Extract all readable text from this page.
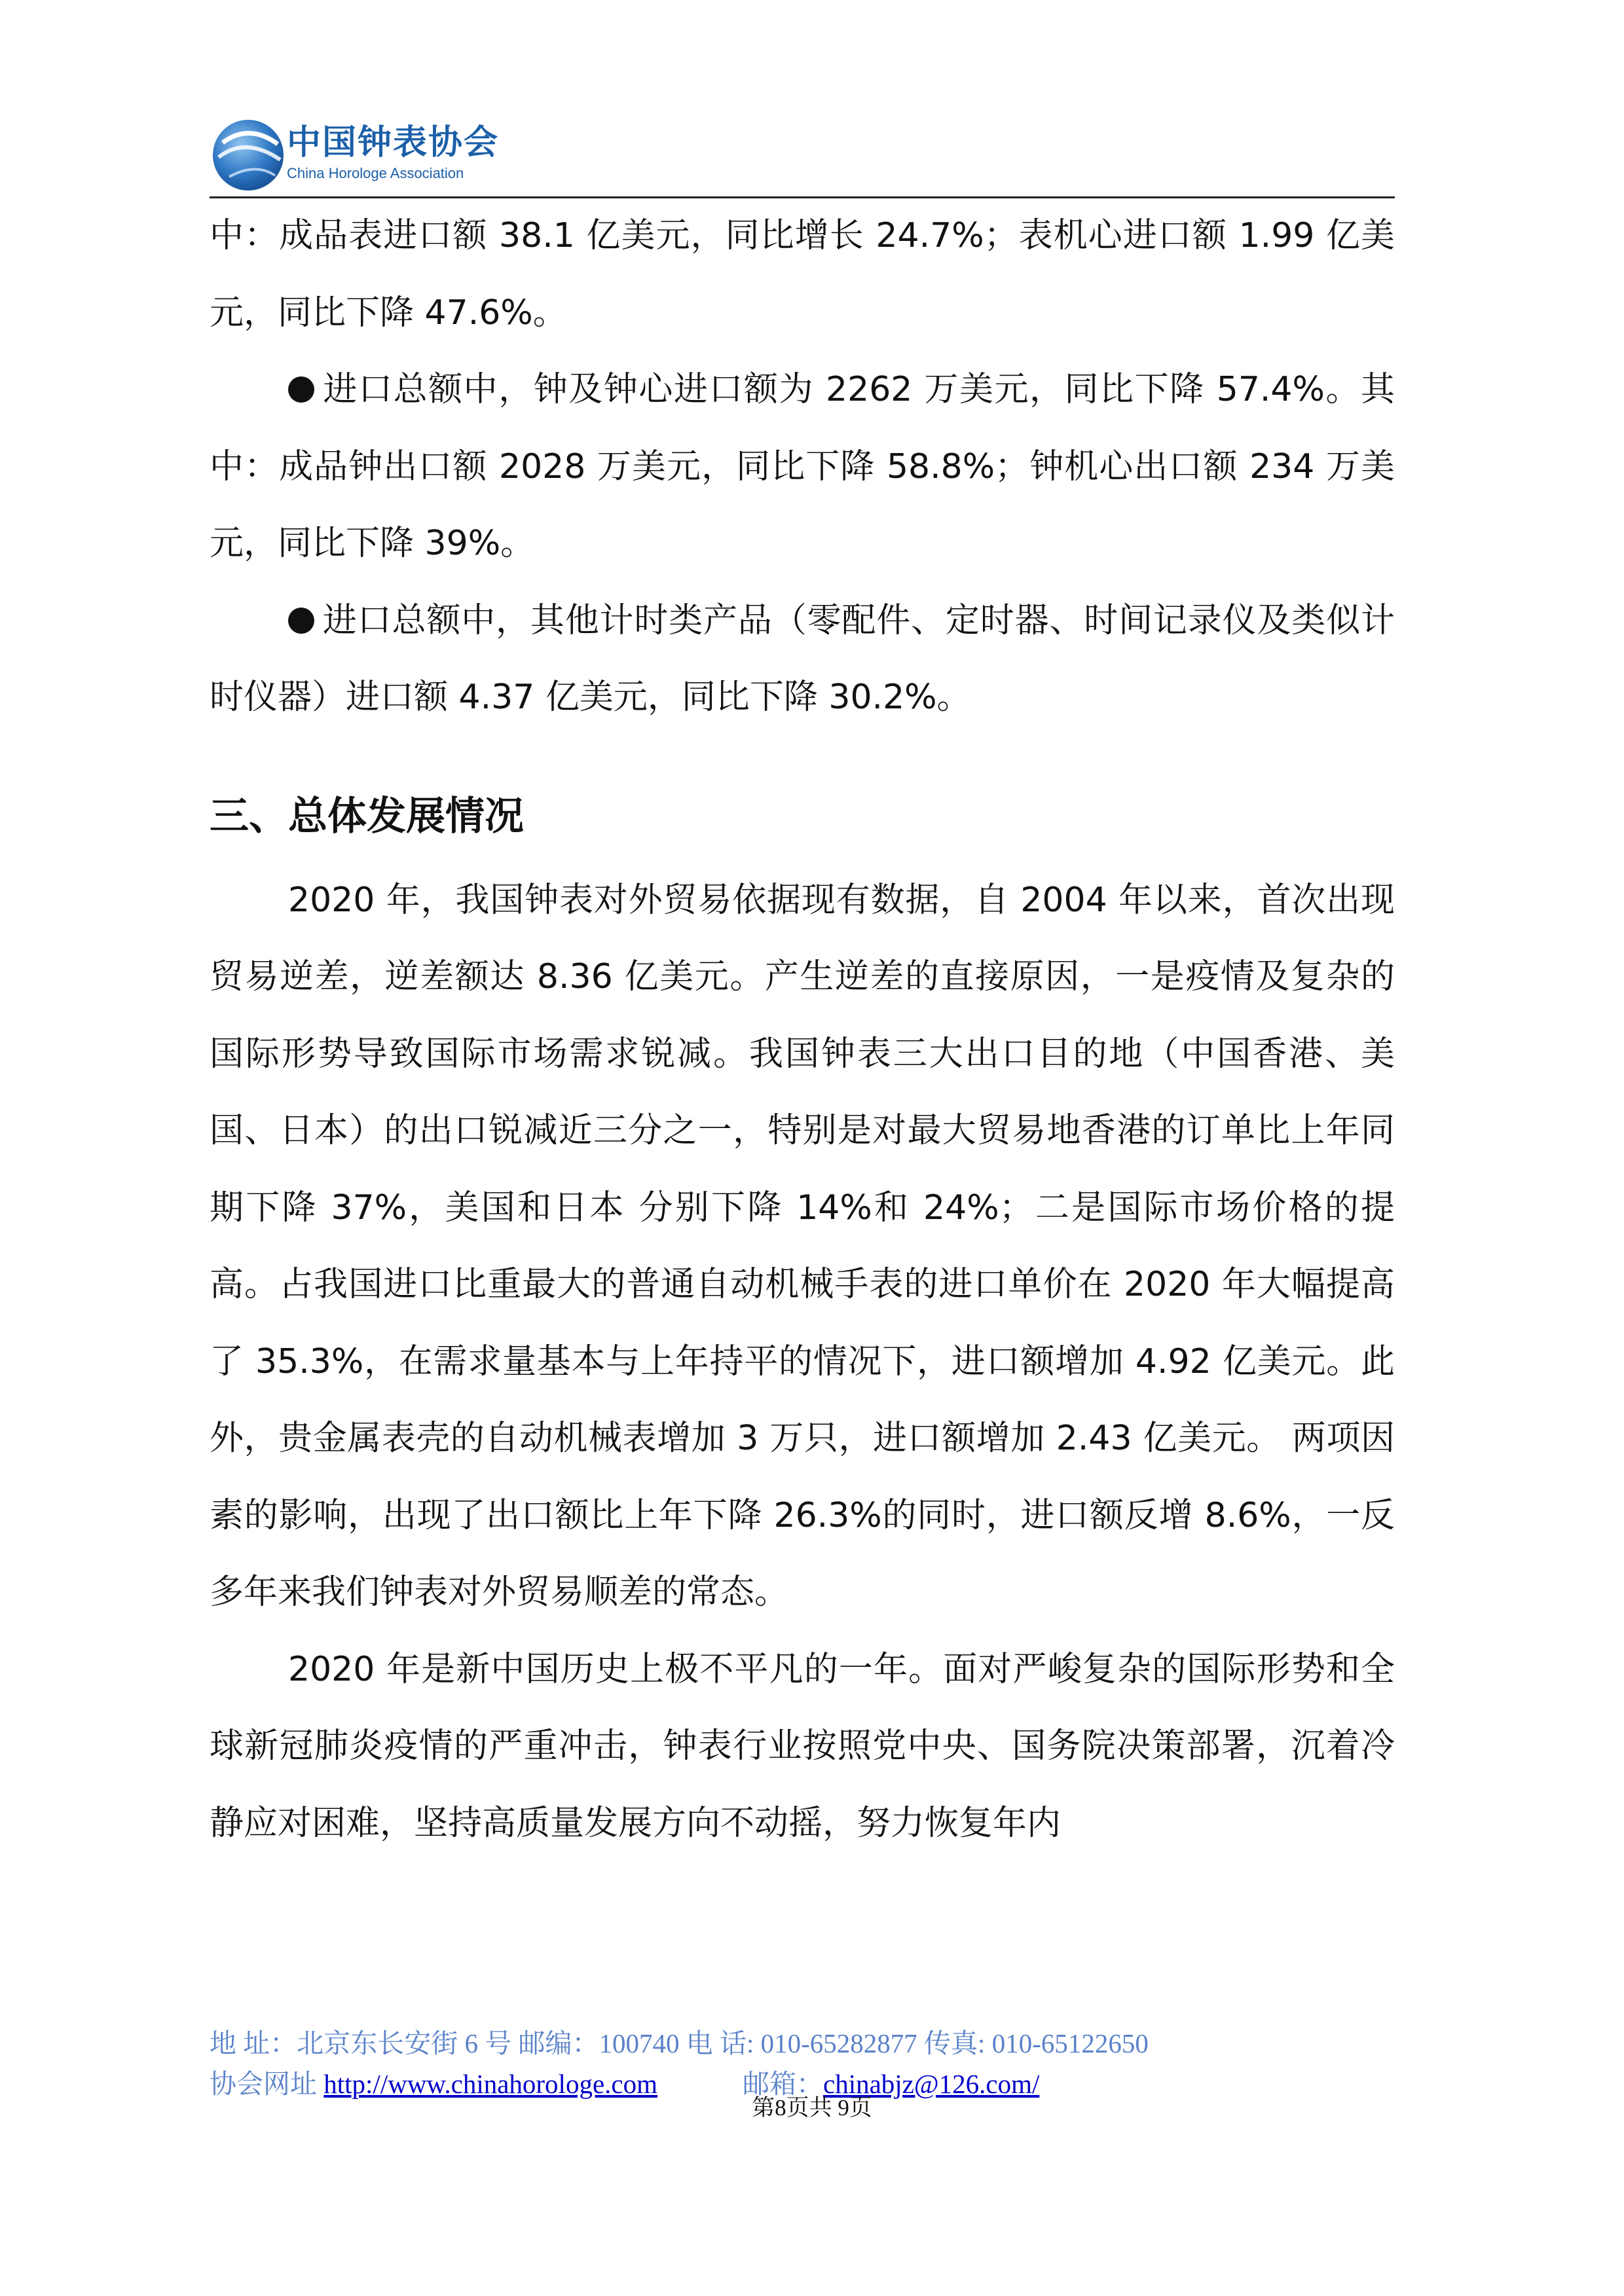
中国钟表协会
China Horologe Association

中：成品表进口额 38.1 亿美元，同比增长 24.7%；表机心进口额 1.99 亿美元，同比下降 47.6%。

进口总额中，钟及钟心进口额为 2262 万美元，同比下降 57.4%。其中：成品钟出口额 2028 万美元，同比下降 58.8%；钟机心出口额 234 万美元，同比下降 39%。

进口总额中，其他计时类产品（零配件、定时器、时间记录仪及类似计时仪器）进口额 4.37 亿美元，同比下降 30.2%。

三、总体发展情况

2020 年，我国钟表对外贸易依据现有数据，自 2004 年以来，首次出现贸易逆差，逆差额达 8.36 亿美元。产生逆差的直接原因，一是疫情及复杂的国际形势导致国际市场需求锐减。我国钟表三大出口目的地（中国香港、美国、日本）的出口锐减近三分之一，特别是对最大贸易地香港的订单比上年同期下降 37%，美国和日本 分别下降 14%和 24%；二是国际市场价格的提高。占我国进口比重最大的普通自动机械手表的进口单价在 2020 年大幅提高了 35.3%，在需求量基本与上年持平的情况下，进口额增加 4.92 亿美元。此外，贵金属表壳的自动机械表增加 3 万只，进口额增加 2.43 亿美元。 两项因素的影响，出现了出口额比上年下降 26.3%的同时，进口额反增 8.6%，一反多年来我们钟表对外贸易顺差的常态。

2020 年是新中国历史上极不平凡的一年。面对严峻复杂的国际形势和全球新冠肺炎疫情的严重冲击，钟表行业按照党中央、国务院决策部署，沉着冷静应对困难，坚持高质量发展方向不动摇，努力恢复年内

地 址：北京东长安街 6 号 邮编：100740 电 话: 010-65282877 传真: 010-65122650
协会网址 http://www.chinahorologe.com	邮箱：chinabjz@126.com/
第8页共 9页
